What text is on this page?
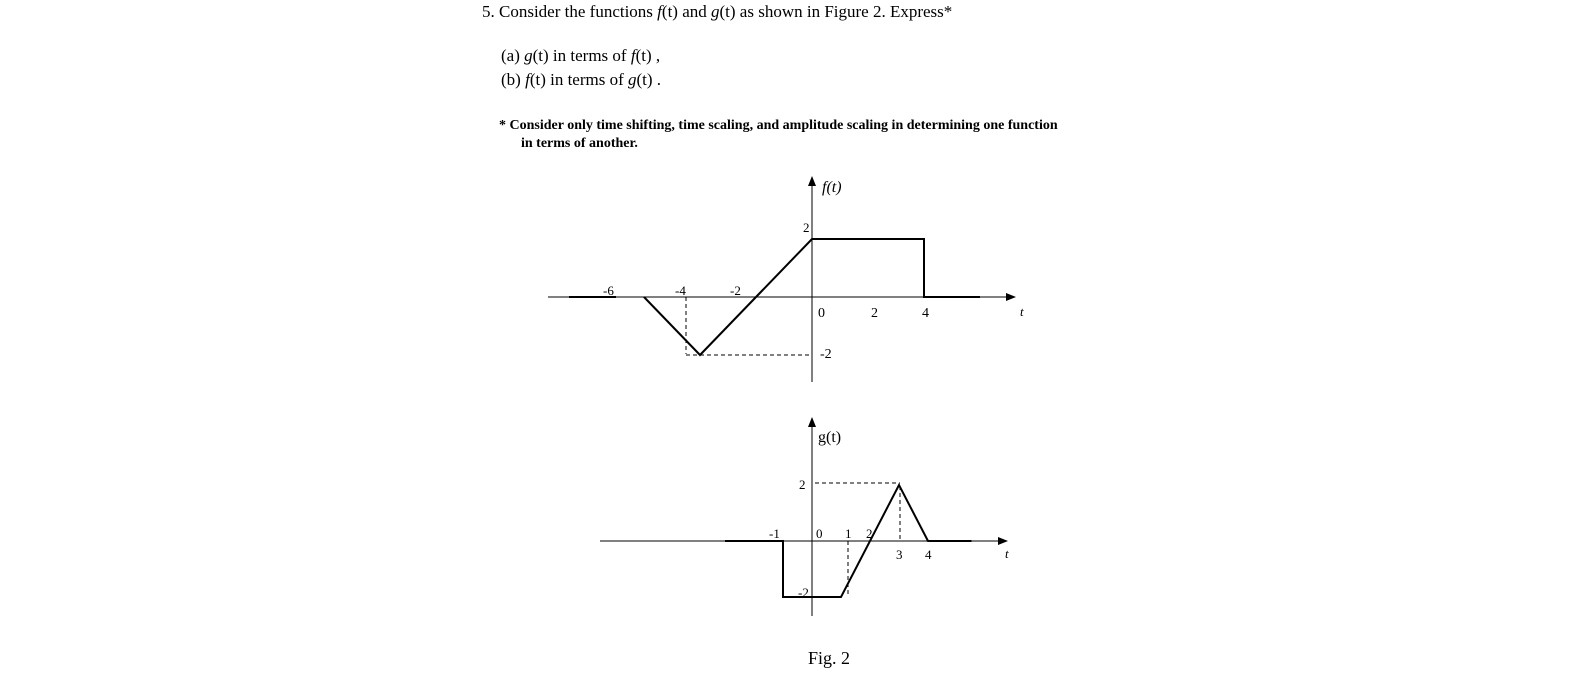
5. Consider the functions f(t) and g(t) as shown in Figure 2. Express*
(a) g(t) in terms of f(t) ,
(b) f(t) in terms of g(t) .
* Consider only time shifting, time scaling, and amplitude scaling in determining one function
in terms of another.
f(t)
t
-6	-4	-2
0	2	4
2
-2
g(t)
t
-1	0 1 2
3 4
2
-2
Fig. 2
